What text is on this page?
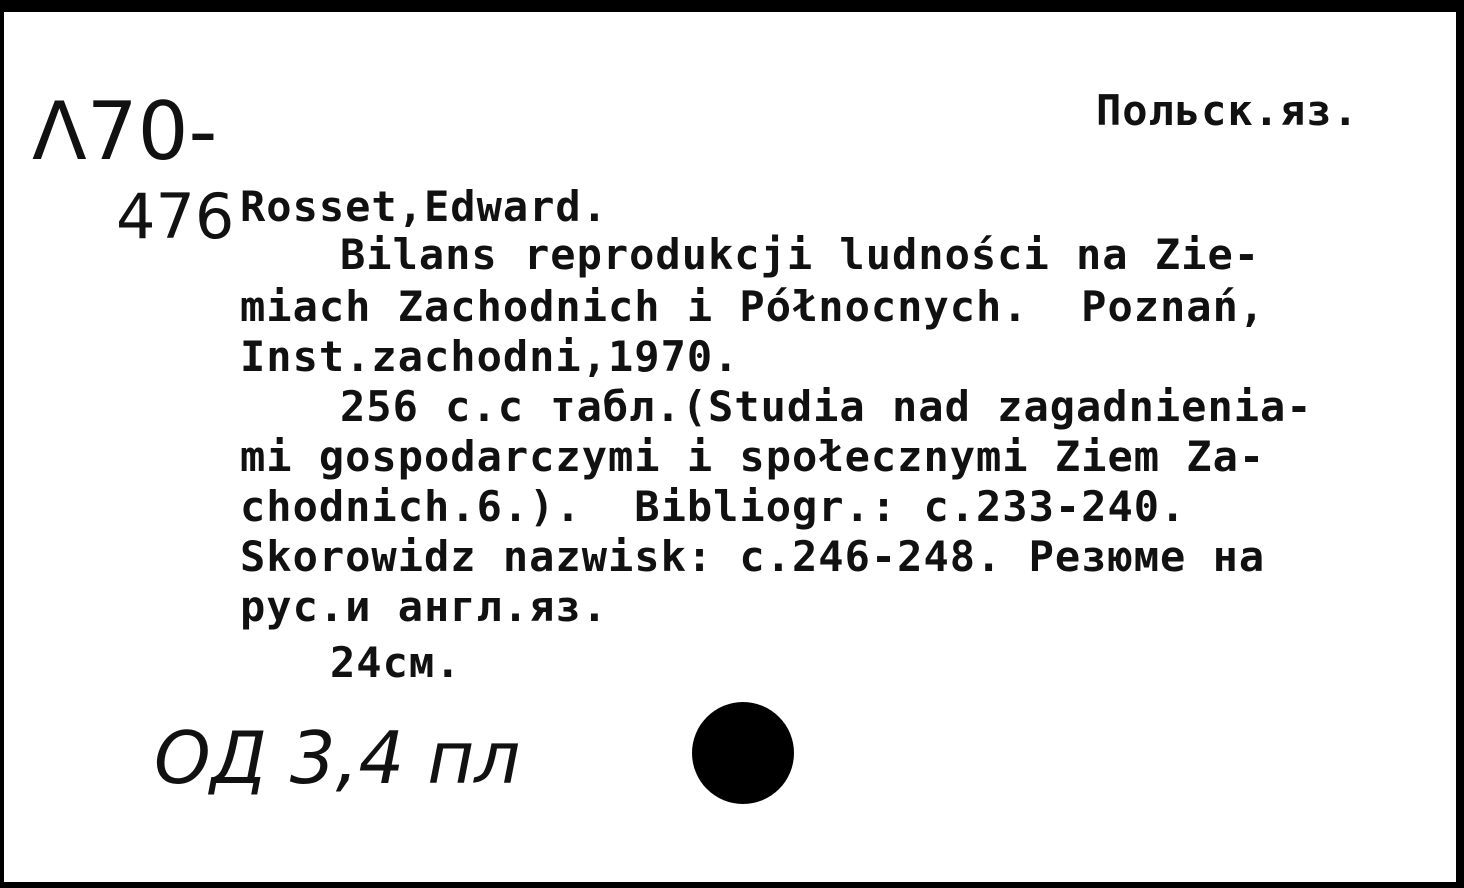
Λ70-
476
Польск.яз.
Rosset,Edward.
Bilans reprodukcji ludności na Zie-
miach Zachodnich i Północnych.  Poznań,
Inst.zachodni,1970.
256 с.с табл.(Studia nad zagadnienia-
mi gospodarczymi i społecznymi Ziem Za-
chodnich.6.).  Bibliogr.: с.233-240.
Skorowidz nazwisk: с.246-248. Резюме на
рус.и англ.яз.
24см.
ОД 3,4 пл
